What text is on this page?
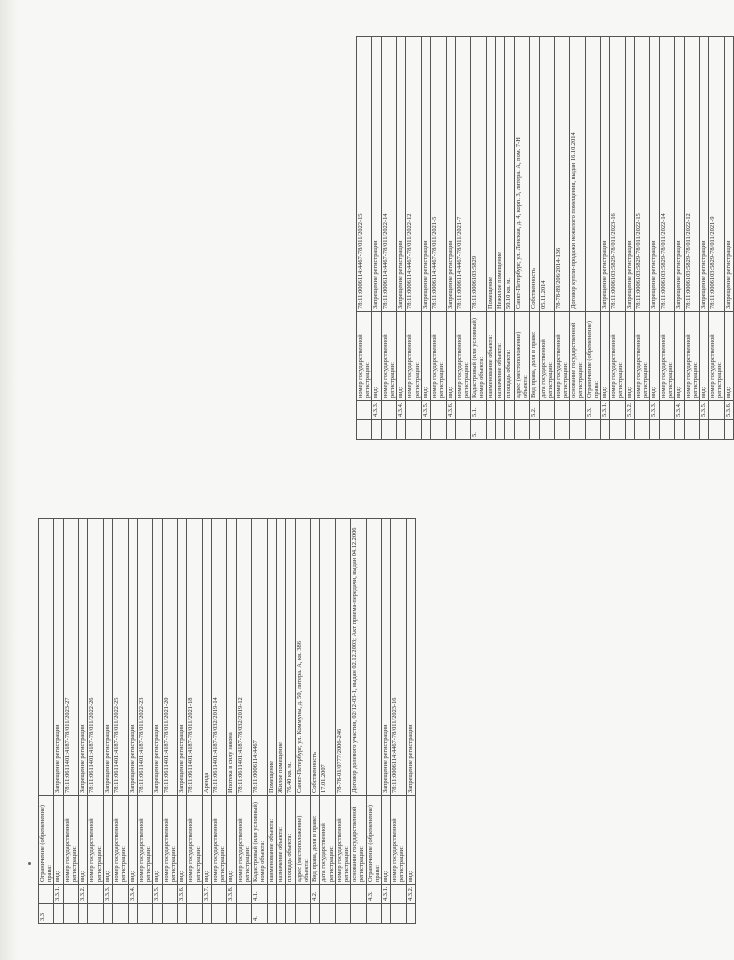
3.3		Ограничение (обременение) права:	
	3.3.1.	вид:	Запрещение регистрации
		номер государственной регистрации:	78:11:0611401:4187-78/011/2023-27
	3.3.2.	вид:	Запрещение регистрации
		номер государственной регистрации:	78:11:0611401:4187-78/011/2022-26
	3.3.3.	вид:	Запрещение регистрации
		номер государственной регистрации:	78:11:0611401:4187-78/011/2022-25
	3.3.4.	вид:	Запрещение регистрации
		номер государственной регистрации:	78:11:0611401:4187-78/011/2022-23
	3.3.5.	вид:	Запрещение регистрации
		номер государственной регистрации:	78:11:0611401:4187-78/011/2021-20
	3.3.6.	вид:	Запрещение регистрации
		номер государственной регистрации:	78:11:0611401:4187-78/011/2021-18
	3.3.7.	вид:	Аренда
		номер государственной регистрации:	78:11:0611401:4187-78/032/2019-14
	3.3.8.	вид:	Ипотека в силу закона
		номер государственной регистрации:	78:11:0611401:4187-78/032/2019-12
4.	4.1.	Кадастровый (или условный) номер объекта:	78:11:0006114:4467
		наименование объекта:	Помещение
		назначение объекта:	Жилое помещение
		площадь объекта:	76.40 кв. м.
		адрес (местоположение) объекта:	Санкт-Петербург, ул. Коммуны, д. 50, литера. А, кв. 386
	4.2.	Вид права, доля в праве:	Собственность
		дата государственной регистрации:	17.01.2007
		номер государственной регистрации:	78-78-01/0777/2006-246
		основание государственной регистрации:	Договор долевого участия, 02/12-03-1, выдан 02.12.2003; Акт приема-передачи, выдан 04.12.2006
	4.3.	Ограничение (обременение) права:	
	4.3.1.	вид:	Запрещение регистрации
		номер государственной регистрации:	78:11:0006114:4467-78/011/2023-16
	4.3.2.	вид:	Запрещение регистрации
		номер государственной регистрации:	78:11:0006114:4467-78/011/2022-15
	4.3.3.	вид:	Запрещение регистрации
		номер государственной регистрации:	78:11:0006114:4467-78/011/2022-14
	4.3.4.	вид:	Запрещение регистрации
		номер государственной регистрации:	78:11:0006114:4467-78/011/2022-12
	4.3.5.	вид:	Запрещение регистрации
		номер государственной регистрации:	78:11:0006114:4467-78/011/2021-5
	4.3.6.	вид:	Запрещение регистрации
		номер государственной регистрации:	78:11:0006114:4467-78/011/2021-7
5.	5.1.	Кадастровый (или условный) номер объекта:	78:11:0006103:5829
		наименование объекта:	Помещение
		назначение объекта:	Нежилое помещение
		площадь объекта:	50.10 кв. м.
		адрес (местоположение) объекта:	Санкт-Петербург, ул. Ленская, д. 4, корп. 3, литера. А, пом. 7-Н
	5.2.	Вид права, доля в праве:	Собственность
		дата государственной регистрации:	05.11.2014
		номер государственной регистрации:	78-78-89/206/2014-136
		основание государственной регистрации:	Договор купли-продажи нежилого помещения, выдан 16.10.2014
	5.3.	Ограничение (обременение) права:	
	5.3.1.	вид:	Запрещение регистрации
		номер государственной регистрации:	78:11:0006103:5829-78/011/2023-16
	5.3.2.	вид:	Запрещение регистрации
		номер государственной регистрации:	78:11:0006103:5829-78/011/2022-15
	5.3.3.	вид:	Запрещение регистрации
		номер государственной регистрации:	78:11:0006103:5829-78/011/2022-14
	5.3.4.	вид:	Запрещение регистрации
		номер государственной регистрации:	78:11:0006103:5829-78/011/2022-12
	5.3.5.	вид:	Запрещение регистрации
		номер государственной регистрации:	78:11:0006103:5829-78/011/2021-9
	5.3.6.	вид:	Запрещение регистрации
